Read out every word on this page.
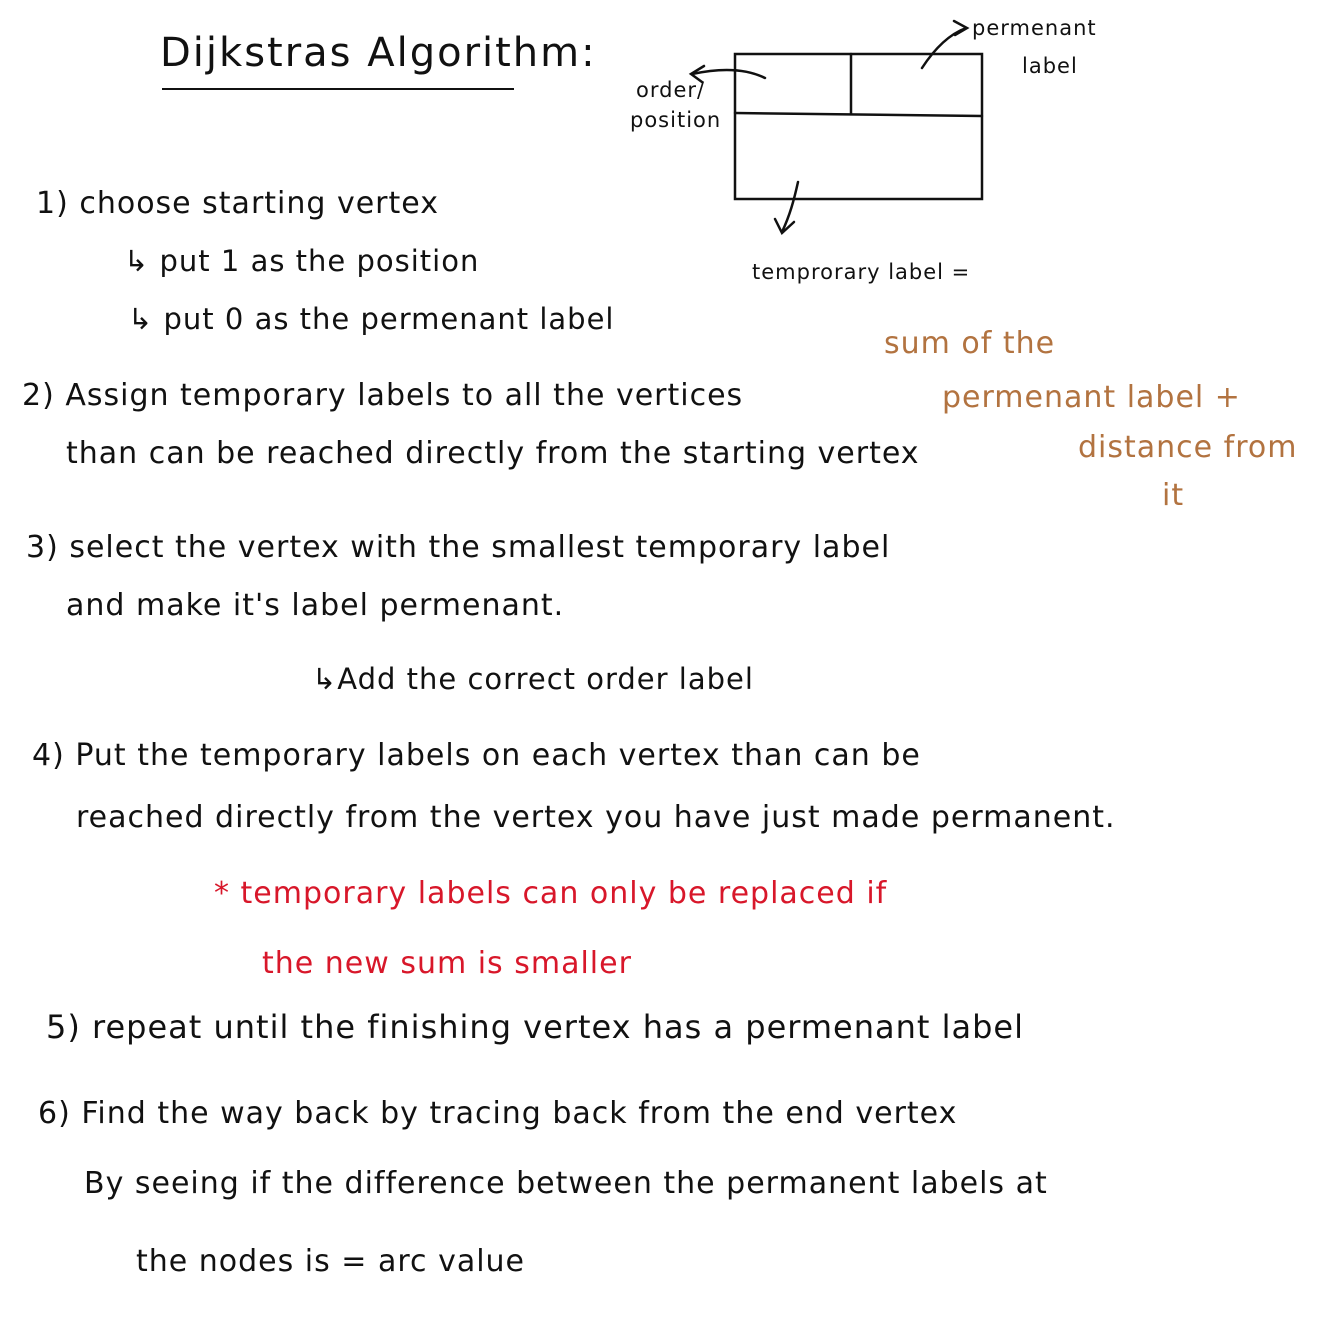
Dijkstras Algorithm:
order/
position
permenant
label
temprorary label =
sum of the
permenant label +
distance from
it
1) choose starting vertex
↳ put 1 as the position
↳ put 0 as the permenant label
2) Assign temporary labels to all the vertices
than can be reached directly from the starting vertex
3) select the vertex with the smallest temporary label
and make it's label permenant.
↳Add the correct order label
4) Put the temporary labels on each vertex than can be
reached directly from the vertex you have just made permanent.
* temporary labels can only be replaced if
the new sum is smaller
5) repeat until the finishing vertex has a permenant label
6) Find the way back by tracing back from the end vertex
By seeing if the difference between the permanent labels at
the nodes is = arc value
